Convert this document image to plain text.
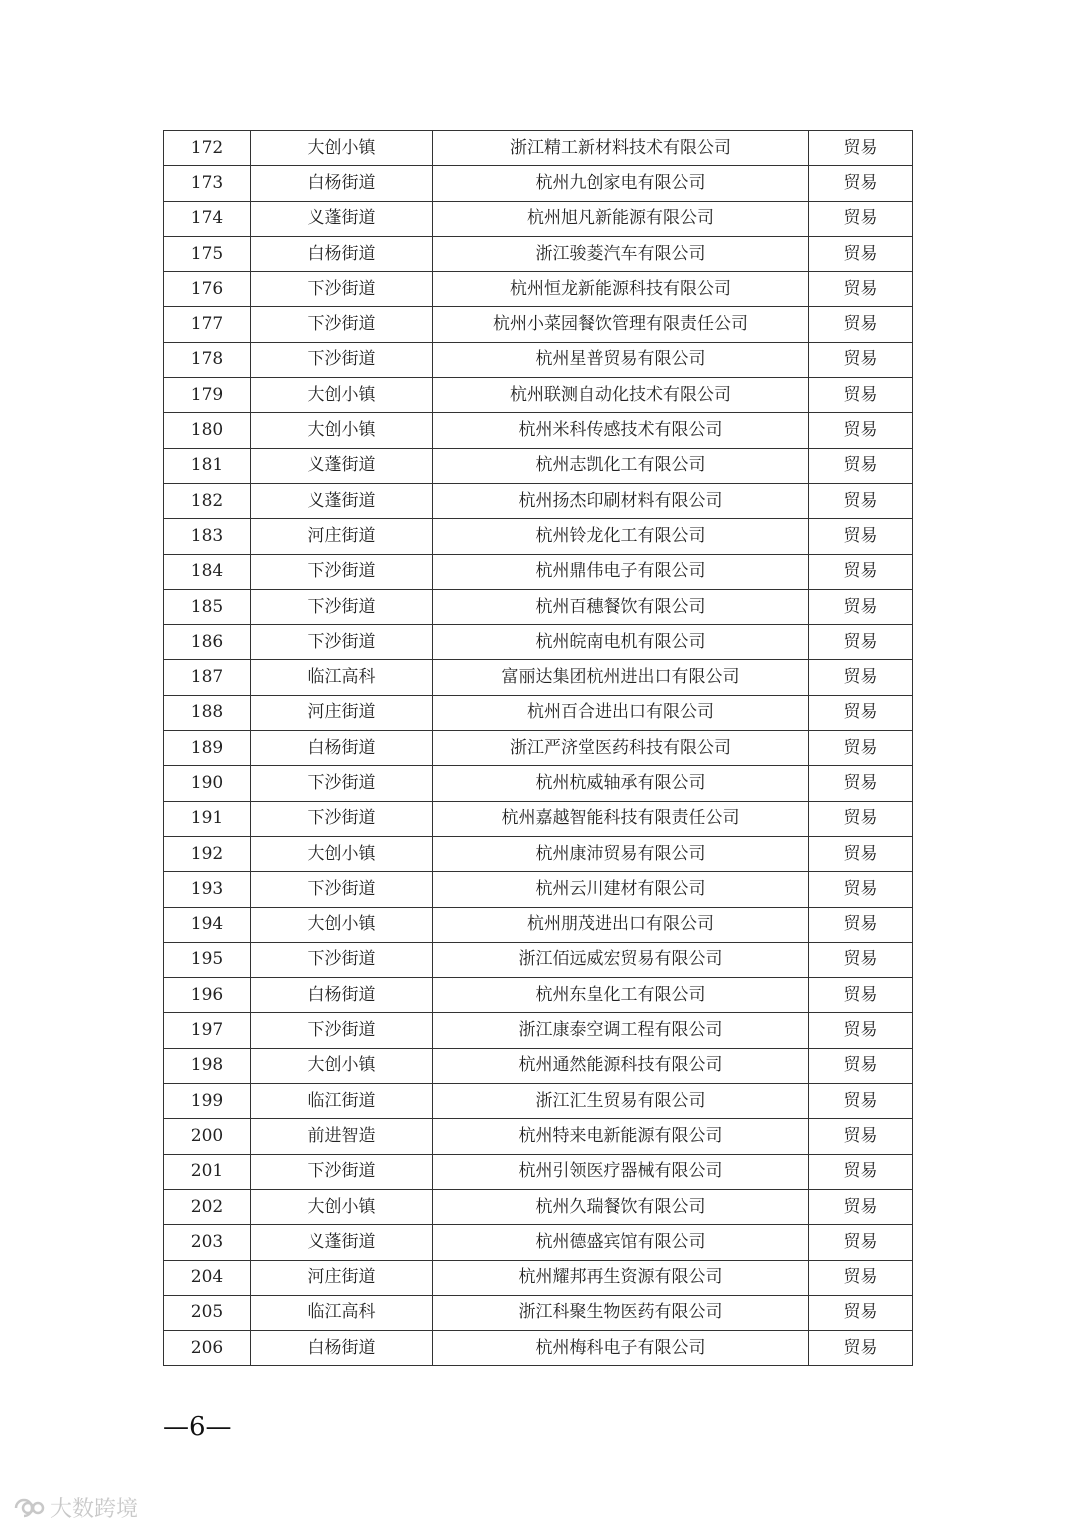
172	大创小镇	浙江精工新材料技术有限公司	贸易
173	白杨街道	杭州九创家电有限公司	贸易
174	义蓬街道	杭州旭凡新能源有限公司	贸易
175	白杨街道	浙江骏菱汽车有限公司	贸易
176	下沙街道	杭州恒龙新能源科技有限公司	贸易
177	下沙街道	杭州小菜园餐饮管理有限责任公司	贸易
178	下沙街道	杭州星普贸易有限公司	贸易
179	大创小镇	杭州联测自动化技术有限公司	贸易
180	大创小镇	杭州米科传感技术有限公司	贸易
181	义蓬街道	杭州志凯化工有限公司	贸易
182	义蓬街道	杭州扬杰印刷材料有限公司	贸易
183	河庄街道	杭州铃龙化工有限公司	贸易
184	下沙街道	杭州鼎伟电子有限公司	贸易
185	下沙街道	杭州百穗餐饮有限公司	贸易
186	下沙街道	杭州皖南电机有限公司	贸易
187	临江高科	富丽达集团杭州进出口有限公司	贸易
188	河庄街道	杭州百合进出口有限公司	贸易
189	白杨街道	浙江严济堂医药科技有限公司	贸易
190	下沙街道	杭州杭威轴承有限公司	贸易
191	下沙街道	杭州嘉越智能科技有限责任公司	贸易
192	大创小镇	杭州康沛贸易有限公司	贸易
193	下沙街道	杭州云川建材有限公司	贸易
194	大创小镇	杭州朋茂进出口有限公司	贸易
195	下沙街道	浙江佰远威宏贸易有限公司	贸易
196	白杨街道	杭州东皇化工有限公司	贸易
197	下沙街道	浙江康泰空调工程有限公司	贸易
198	大创小镇	杭州通然能源科技有限公司	贸易
199	临江街道	浙江汇生贸易有限公司	贸易
200	前进智造	杭州特来电新能源有限公司	贸易
201	下沙街道	杭州引领医疗器械有限公司	贸易
202	大创小镇	杭州久瑞餐饮有限公司	贸易
203	义蓬街道	杭州德盛宾馆有限公司	贸易
204	河庄街道	杭州耀邦再生资源有限公司	贸易
205	临江高科	浙江科聚生物医药有限公司	贸易
206	白杨街道	杭州梅科电子有限公司	贸易
—6—
大数跨境
